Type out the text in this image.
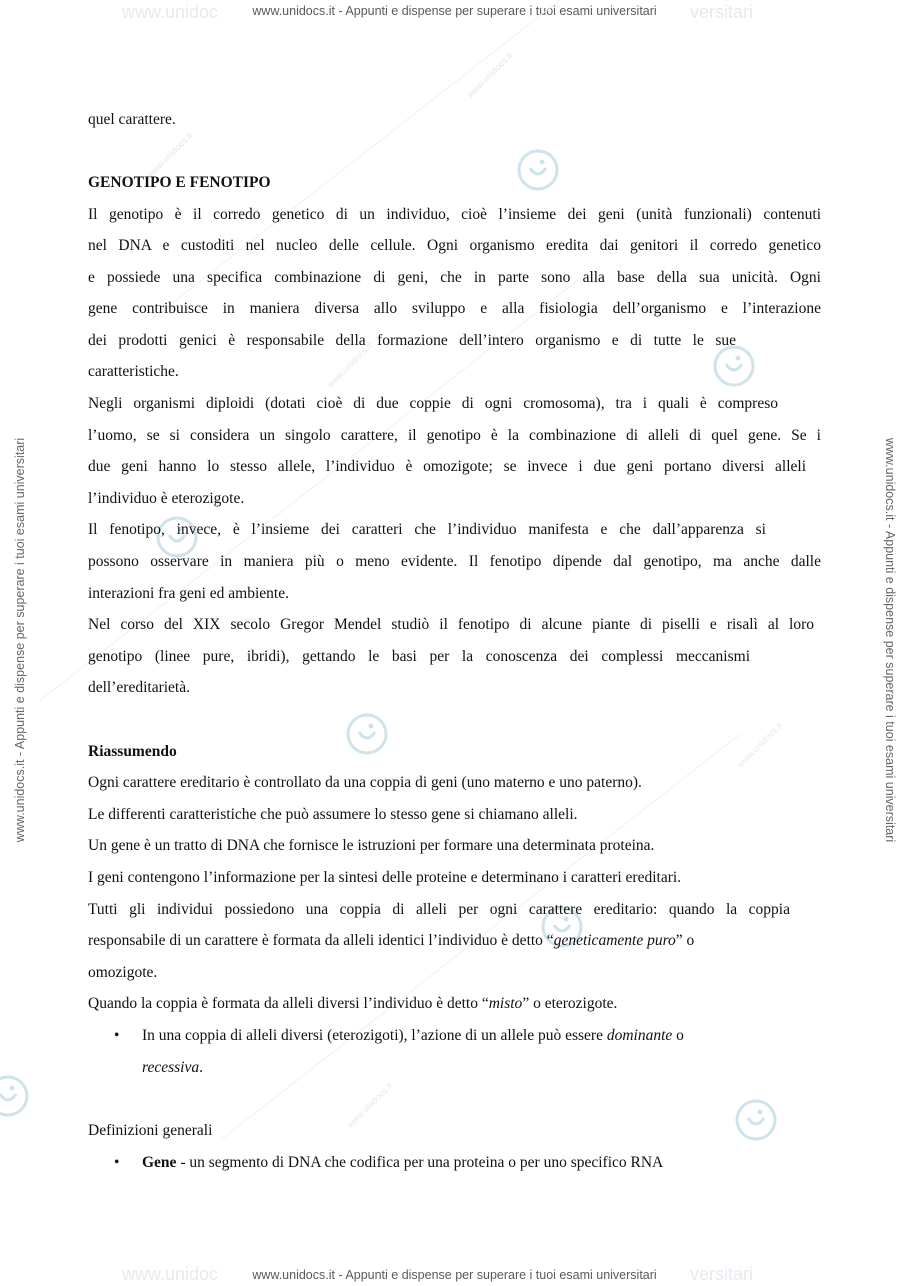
www.unidoc	versitari
www.unidocs.it - Appunti e dispense per superare i tuoi esami universitari
www.unidoc	versitari
www.unidocs.it - Appunti e dispense per superare i tuoi esami universitari
www.unidocs.it - Appunti e dispense per superare i tuoi esami universitari	www.unidocs.it - Appunti e dispense per superare i tuoi esami universitari
www.unidocs.it
www.unidocs.it
www.unidocs.it
www.unidocs.it
www.unidocs.it
quel carattere.
GENOTIPO E FENOTIPO
Il genotipo è il corredo genetico di un individuo, cioè l’insieme dei geni (unità funzionali) contenuti
nel DNA e custoditi nel nucleo delle cellule. Ogni organismo eredita dai genitori il corredo genetico
e possiede una specifica combinazione di geni, che in parte sono alla base della sua unicità. Ogni
gene contribuisce in maniera diversa allo sviluppo e alla fisiologia dell’organismo e l’interazione
dei prodotti genici è responsabile della formazione dell’intero organismo e di tutte le sue
caratteristiche.
Negli organismi diploidi (dotati cioè di due coppie di ogni cromosoma), tra i quali è compreso
l’uomo, se si considera un singolo carattere, il genotipo è la combinazione di alleli di quel gene. Se i
due geni hanno lo stesso allele, l’individuo è omozigote; se invece i due geni portano diversi alleli
l’individuo è eterozigote.
Il fenotipo, invece, è l’insieme dei caratteri che l’individuo manifesta e che dall’apparenza si
possono osservare in maniera più o meno evidente. Il fenotipo dipende dal genotipo, ma anche dalle
interazioni fra geni ed ambiente.
Nel corso del XIX secolo Gregor Mendel studiò il fenotipo di alcune piante di piselli e risalì al loro
genotipo (linee pure, ibridi), gettando le basi per la conoscenza dei complessi meccanismi
dell’ereditarietà.
Riassumendo
Ogni carattere ereditario è controllato da una coppia di geni (uno materno e uno paterno).
Le differenti caratteristiche che può assumere lo stesso gene si chiamano alleli.
Un gene è un tratto di DNA che fornisce le istruzioni per formare una determinata proteina.
I geni contengono l’informazione per la sintesi delle proteine e determinano i caratteri ereditari.
Tutti gli individui possiedono una coppia di alleli per ogni carattere ereditario: quando la coppia
responsabile di un carattere è formata da alleli identici l’individuo è detto “geneticamente puro” o
omozigote.
Quando la coppia è formata da alleli diversi l’individuo è detto “misto” o eterozigote.
• In una coppia di alleli diversi (eterozigoti), l’azione di un allele può essere dominante o
recessiva.
Definizioni generali
• Gene - un segmento di DNA che codifica per una proteina o per uno specifico RNA
